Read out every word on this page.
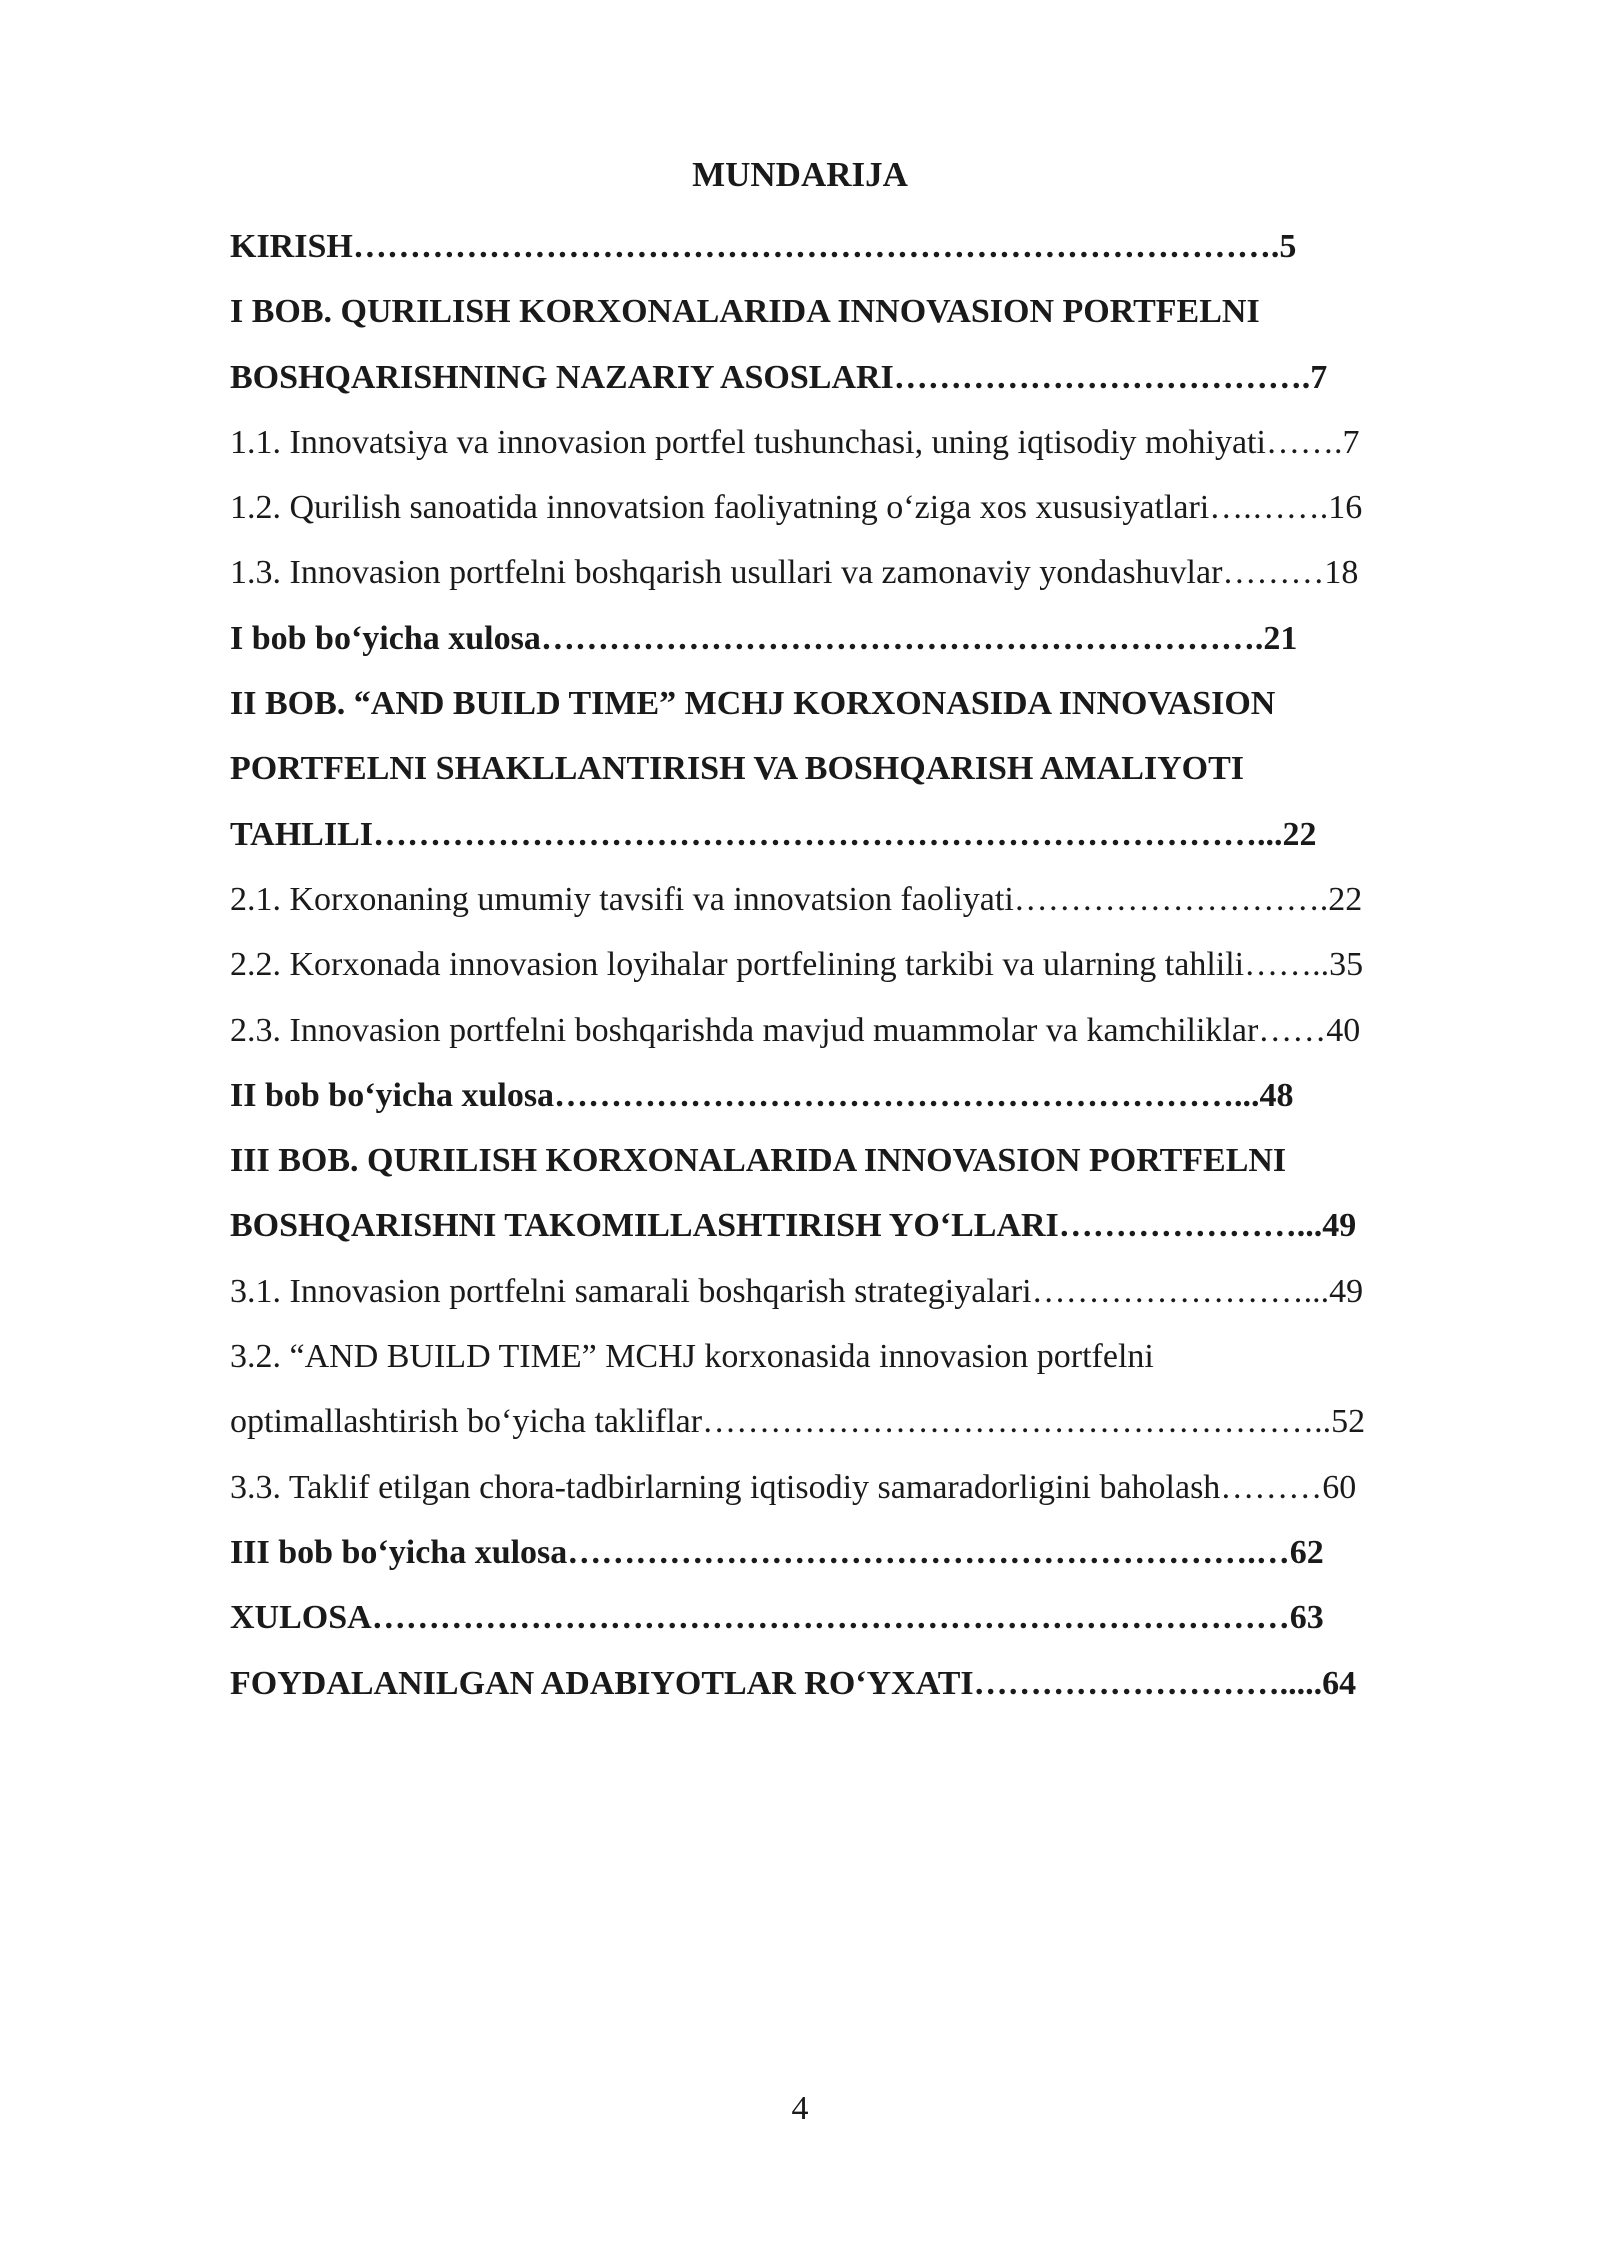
MUNDARIJA
KIRISH……………………………………………………………………….5
I BOB. QURILISH KORXONALARIDA INNOVASION PORTFELNI
BOSHQARISHNING NAZARIY ASOSLARI……………………………….7
1.1. Innovatsiya va innovasion portfel tushunchasi, uning iqtisodiy mohiyati…….7
1.2. Qurilish sanoatida innovatsion faoliyatning o‘ziga xos xususiyatlari….…….16
1.3. Innovasion portfelni boshqarish usullari va zamonaviy yondashuvlar………18
I bob bo‘yicha xulosa……………………………………………………….21
II BOB. “AND BUILD TIME” MCHJ KORXONASIDA INNOVASION
PORTFELNI SHAKLLANTIRISH VA BOSHQARISH AMALIYOTI
TAHLILI……………………………………………………………………...22
2.1. Korxonaning umumiy tavsifi va innovatsion faoliyati……………………….22
2.2. Korxonada innovasion loyihalar portfelining tarkibi va ularning tahlili……..35
2.3. Innovasion portfelni boshqarishda mavjud muammolar va kamchiliklar……40
II bob bo‘yicha xulosa……………………………………………………...48
III BOB. QURILISH KORXONALARIDA INNOVASION PORTFELNI
BOSHQARISHNI TAKOMILLASHTIRISH YO‘LLARI…………………...49
3.1. Innovasion portfelni samarali boshqarish strategiyalari……………………...49
3.2. “AND BUILD TIME” MCHJ korxonasida innovasion portfelni
optimallashtirish bo‘yicha takliflar………………………………………………..52
3.3. Taklif etilgan chora-tadbirlarning iqtisodiy samaradorligini baholash………60
III bob bo‘yicha xulosa…………………………………………………….…62
XULOSA………………………………………………………………………63
FOYDALANILGAN ADABIYOTLAR RO‘YXATI……………………….....64
4
